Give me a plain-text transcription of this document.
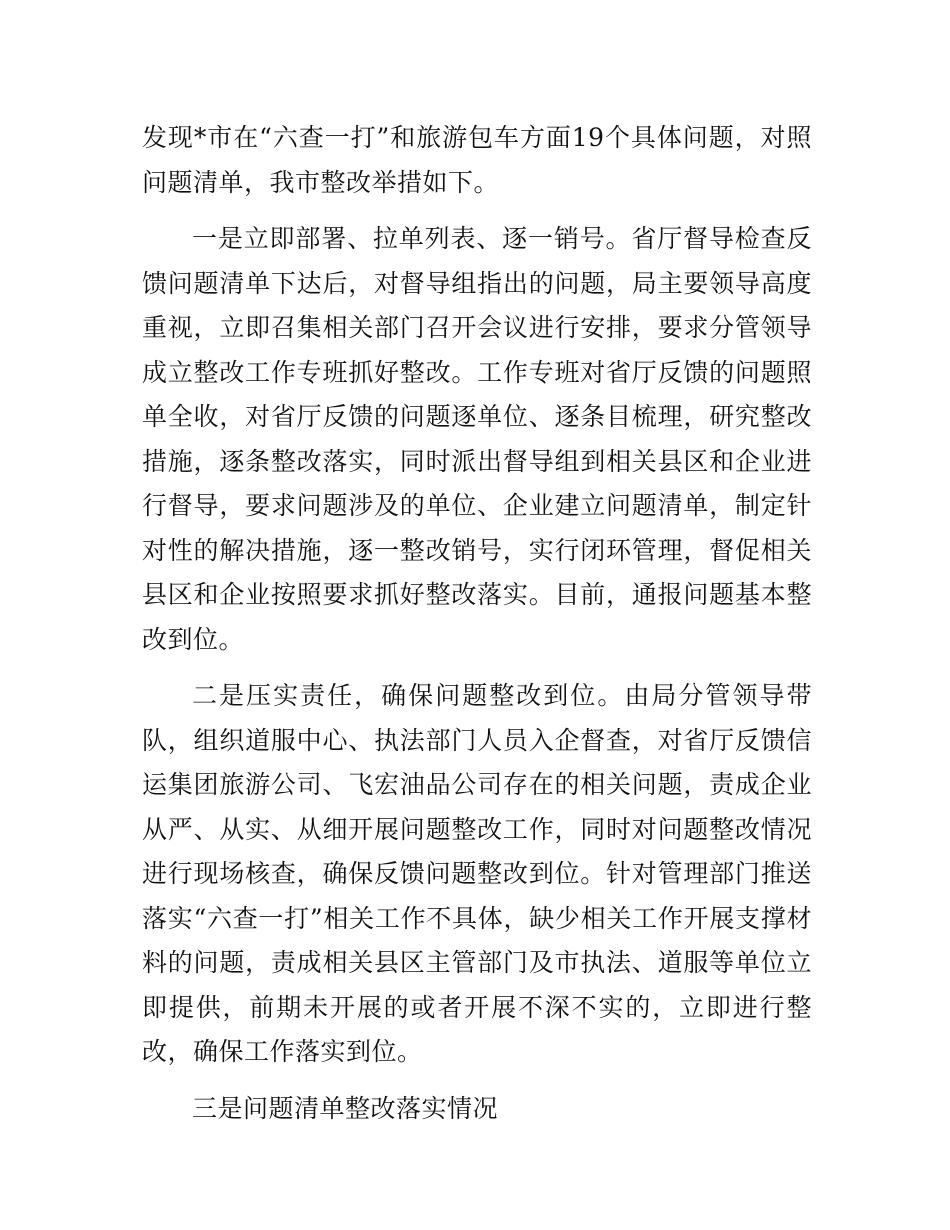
发现*市在“六查一打”和旅游包车方面19个具体问题，对照问题清单，我市整改举措如下。

一是立即部署、拉单列表、逐一销号。省厅督导检查反馈问题清单下达后，对督导组指出的问题，局主要领导高度重视，立即召集相关部门召开会议进行安排，要求分管领导成立整改工作专班抓好整改。工作专班对省厅反馈的问题照单全收，对省厅反馈的问题逐单位、逐条目梳理，研究整改措施，逐条整改落实，同时派出督导组到相关县区和企业进行督导，要求问题涉及的单位、企业建立问题清单，制定针对性的解决措施，逐一整改销号，实行闭环管理，督促相关县区和企业按照要求抓好整改落实。目前，通报问题基本整改到位。

二是压实责任，确保问题整改到位。由局分管领导带队，组织道服中心、执法部门人员入企督查，对省厅反馈信运集团旅游公司、飞宏油品公司存在的相关问题，责成企业从严、从实、从细开展问题整改工作，同时对问题整改情况进行现场核查，确保反馈问题整改到位。针对管理部门推送落实“六查一打”相关工作不具体，缺少相关工作开展支撑材料的问题，责成相关县区主管部门及市执法、道服等单位立即提供，前期未开展的或者开展不深不实的，立即进行整改，确保工作落实到位。

三是问题清单整改落实情况
